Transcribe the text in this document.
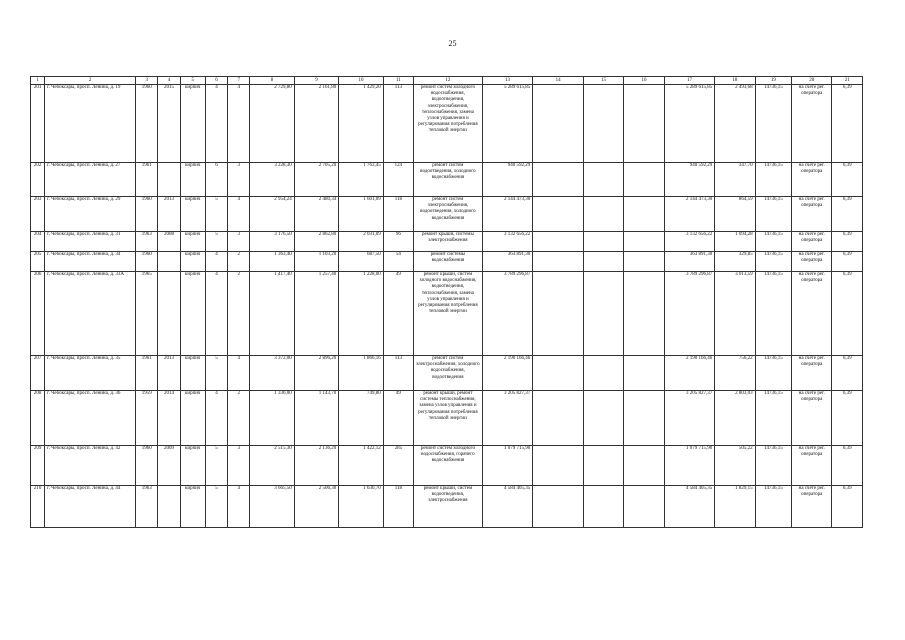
25
1	2	3	4	5	6	7	8	9	10	11	12	13	14	15	16	17	18	19	20	21
201	г. Чебоксары, просп. Ленина, д. 19	1960	2015	кирпич	4	4	2 729,80	2 161,80	1 429,20	113	ремонт систем холодного водоснабжения, водоотведения, электроснабжения, теплоснабжения, замена узлов управления и регулирования потребления тепловой энергии	5 289 615,85				5 289 615,85	2 493,68	14736,15	на счете рег. оператора	6,39
202	г. Чебоксары, просп. Ленина, д. 27	1961		кирпич	6	3	3 228,30	2 705,20	1 763,45	124	ремонт систем водоотведения, холодного водоснабжения	940 592,29				940 592,29	347,70	14736,15	на счете рег. оператора	6,39
203	г. Чебоксары, просп. Ленина, д. 29	1960	2013	кирпич	5	4	2 954,24	2 480,34	1 601,09	118	ремонт систем электроснабжения, водоотведения, холодного водоснабжения	2 144 473,30				2 144 473,30	864,59	14736,15	на счете рег. оператора	6,39
204	г. Чебоксары, просп. Ленина, д. 31	1963	2008	кирпич	5	3	3 176,50	2 862,80	2 031,09	96	ремонт крыши, системы электроснабжения	3 132 656,22				3 132 656,22	1 094,28	14736,15	на счете рег. оператора	6,39
205	г. Чебоксары, просп. Ленина, д. 34	1960		кирпич	4	2	1 363,40	1 103,20	687,50	54	ремонт системы водоснабжения	363 891,30				363 891,30	329,85	14736,15	на счете рег. оператора	6,39
206	г. Чебоксары, просп. Ленина, д. 33А	1965		кирпич	4	2	1 417,40	1 257,40	1 228,00	49	ремонт крыши, систем холодного водоснабжения, водоотведения, теплоснабжения, замена узлов управления и регулирования потребления тепловой энергии	3 789 296,87				3 789 296,87	3 013,59	14736,15	на счете рег. оператора	6,39
207	г. Чебоксары, просп. Ленина, д. 35	1961	2013	кирпич	5	4	3 372,00	2 896,20	1 866,16	113	ремонт систем электроснабжения, холодного водоснабжения, водоотведения	2 190 166,46				2 190 166,46	756,22	14736,15	на счете рег. оператора	6,39
208	г. Чебоксары, просп. Ленина, д. 36	1959	2014	кирпич	4	2	1 336,00	1 143,70	749,80	49	ремонт крыши, ремонт системы теплоснабжения, замена узлов управления и регулирования потребления тепловой энергии	3 205 827,37				3 205 827,37	2 803,03	14736,15	на счете рег. оператора	6,39
209	г. Чебоксары, просп. Ленина, д. 42	1960	2009	кирпич	5	3	2 515,30	2 136,20	1 422,12	285	ремонт систем холодного водоснабжения, горячего водоснабжения	1 079 715,90				1 079 715,90	505,22	14736,15	на счете рег. оператора	6,39
210	г. Чебоксары, просп. Ленина, д. 44	1963		кирпич	5	4	3 665,50	2 506,30	1 630,70	118	ремонт крыши, систем водоотведения, электроснабжения	4 584 405,35				4 584 405,35	1 829,15	14736,15	на счете рег. оператора	6,39
